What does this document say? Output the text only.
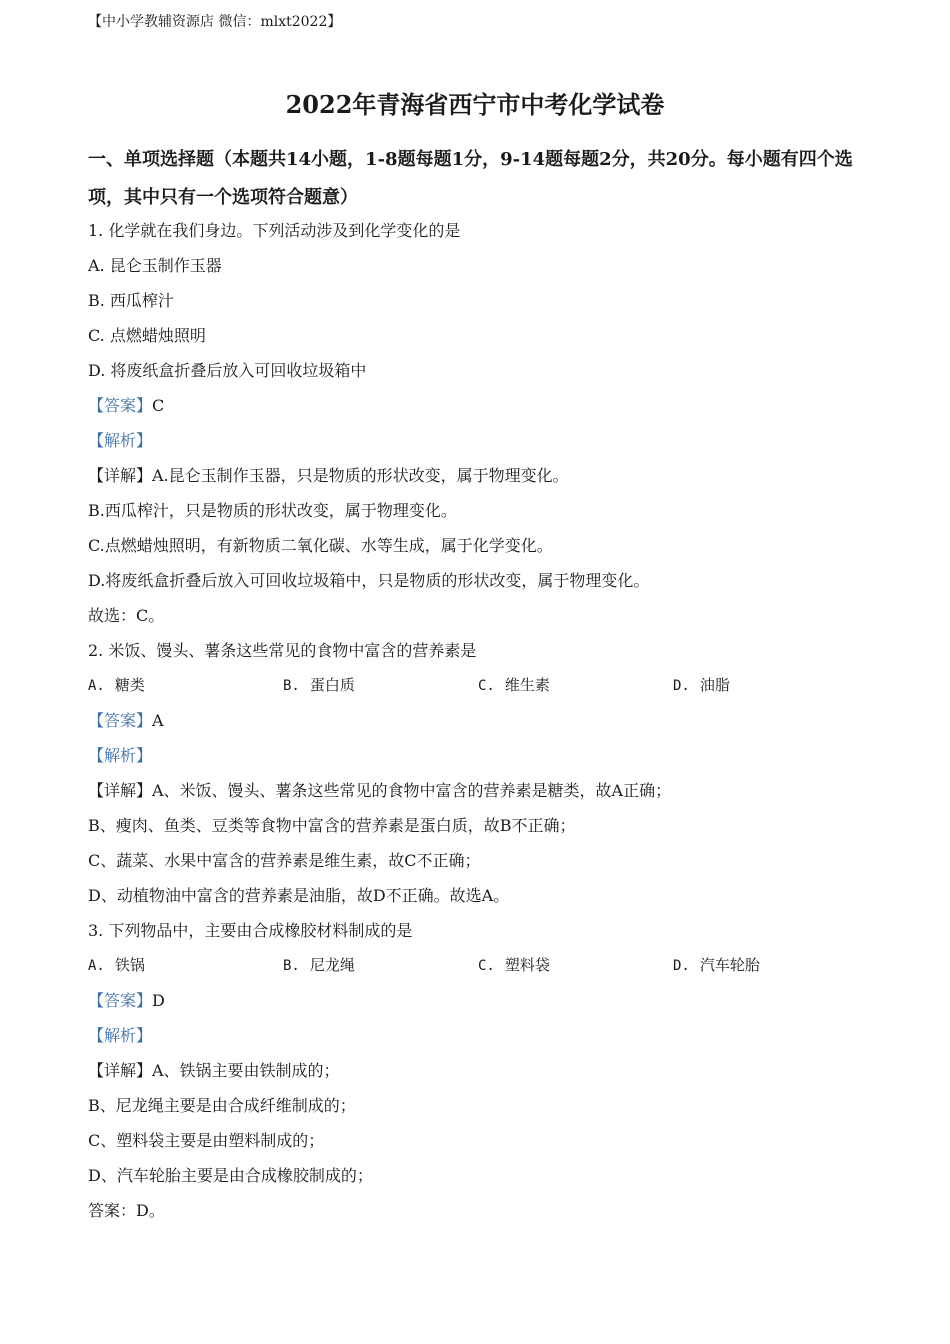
【中小学教辅资源店 微信：mlxt2022】
2022年青海省西宁市中考化学试卷
一、单项选择题（本题共14小题，1-8题每题1分，9-14题每题2分，共20分。每小题有四个选项，其中只有一个选项符合题意）
1. 化学就在我们身边。下列活动涉及到化学变化的是
A. 昆仑玉制作玉器
B. 西瓜榨汁
C. 点燃蜡烛照明
D. 将废纸盒折叠后放入可回收垃圾箱中
【答案】C
【解析】
【详解】A.昆仑玉制作玉器，只是物质的形状改变，属于物理变化。
B.西瓜榨汁，只是物质的形状改变，属于物理变化。
C.点燃蜡烛照明，有新物质二氧化碳、水等生成，属于化学变化。
D.将废纸盒折叠后放入可回收垃圾箱中，只是物质的形状改变，属于物理变化。
故选：C。
2. 米饭、馒头、薯条这些常见的食物中富含的营养素是
A. 糖类	B. 蛋白质	C. 维生素	D. 油脂
【答案】A
【解析】
【详解】A、米饭、馒头、薯条这些常见的食物中富含的营养素是糖类，故A正确；
B、瘦肉、鱼类、豆类等食物中富含的营养素是蛋白质，故B不正确；
C、蔬菜、水果中富含的营养素是维生素，故C不正确；
D、动植物油中富含的营养素是油脂，故D不正确。故选A。
3. 下列物品中，主要由合成橡胶材料制成的是
A. 铁锅	B. 尼龙绳	C. 塑料袋	D. 汽车轮胎
【答案】D
【解析】
【详解】A、铁锅主要由铁制成的；
B、尼龙绳主要是由合成纤维制成的；
C、塑料袋主要是由塑料制成的；
D、汽车轮胎主要是由合成橡胶制成的；
答案：D。
